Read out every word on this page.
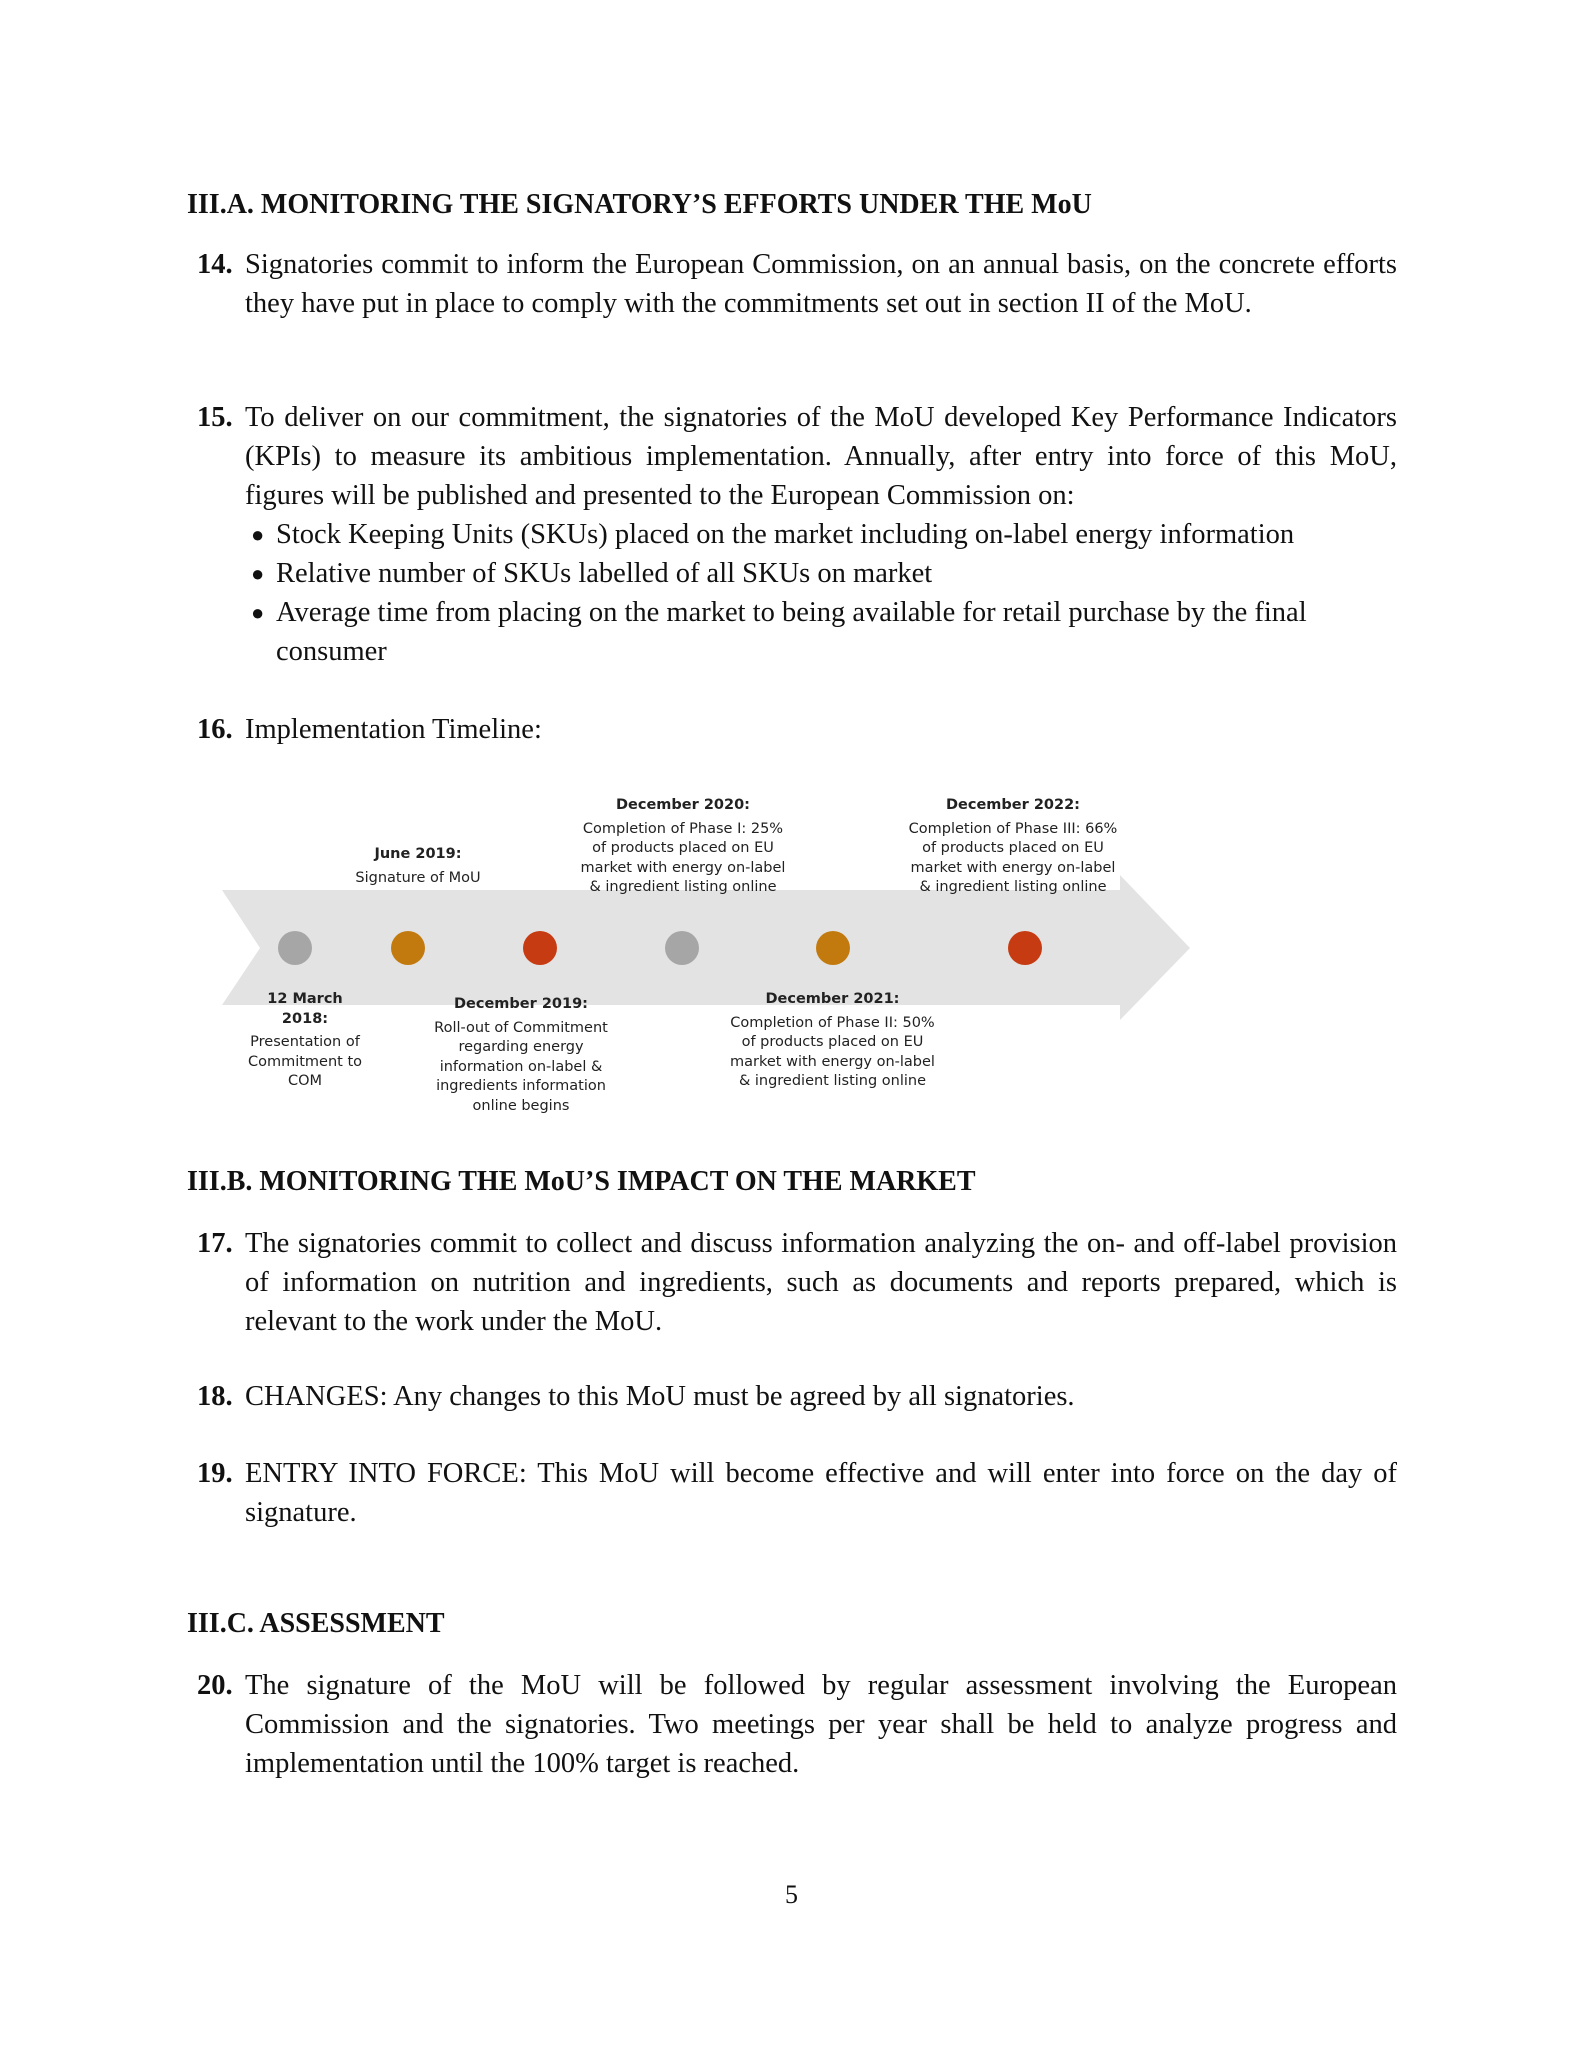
III.A. MONITORING THE SIGNATORY’S EFFORTS UNDER THE MoU
14. Signatories commit to inform the European Commission, on an annual basis, on the concrete efforts they have put in place to comply with the commitments set out in section II of the MoU.
15. To deliver on our commitment, the signatories of the MoU developed Key Performance Indicators (KPIs) to measure its ambitious implementation. Annually, after entry into force of this MoU, figures will be published and presented to the European Commission on:
● Stock Keeping Units (SKUs) placed on the market including on-label energy information
● Relative number of SKUs labelled of all SKUs on market
● Average time from placing on the market to being available for retail purchase by the final consumer
16. Implementation Timeline:
June 2019:
Signature of MoU
December 2020:
Completion of Phase I: 25% of products placed on EU market with energy on-label & ingredient listing online
December 2022:
Completion of Phase III: 66% of products placed on EU market with energy on-label & ingredient listing online
12 March 2018:
Presentation of Commitment to COM
December 2019:
Roll-out of Commitment regarding energy information on-label & ingredients information online begins
December 2021:
Completion of Phase II: 50% of products placed on EU market with energy on-label & ingredient listing online
III.B. MONITORING THE MoU’S IMPACT ON THE MARKET
17. The signatories commit to collect and discuss information analyzing the on- and off-label provision of information on nutrition and ingredients, such as documents and reports prepared, which is relevant to the work under the MoU.
18. CHANGES: Any changes to this MoU must be agreed by all signatories.
19. ENTRY INTO FORCE: This MoU will become effective and will enter into force on the day of signature.
III.C. ASSESSMENT
20. The signature of the MoU will be followed by regular assessment involving the European Commission and the signatories. Two meetings per year shall be held to analyze progress and implementation until the 100% target is reached.
5
